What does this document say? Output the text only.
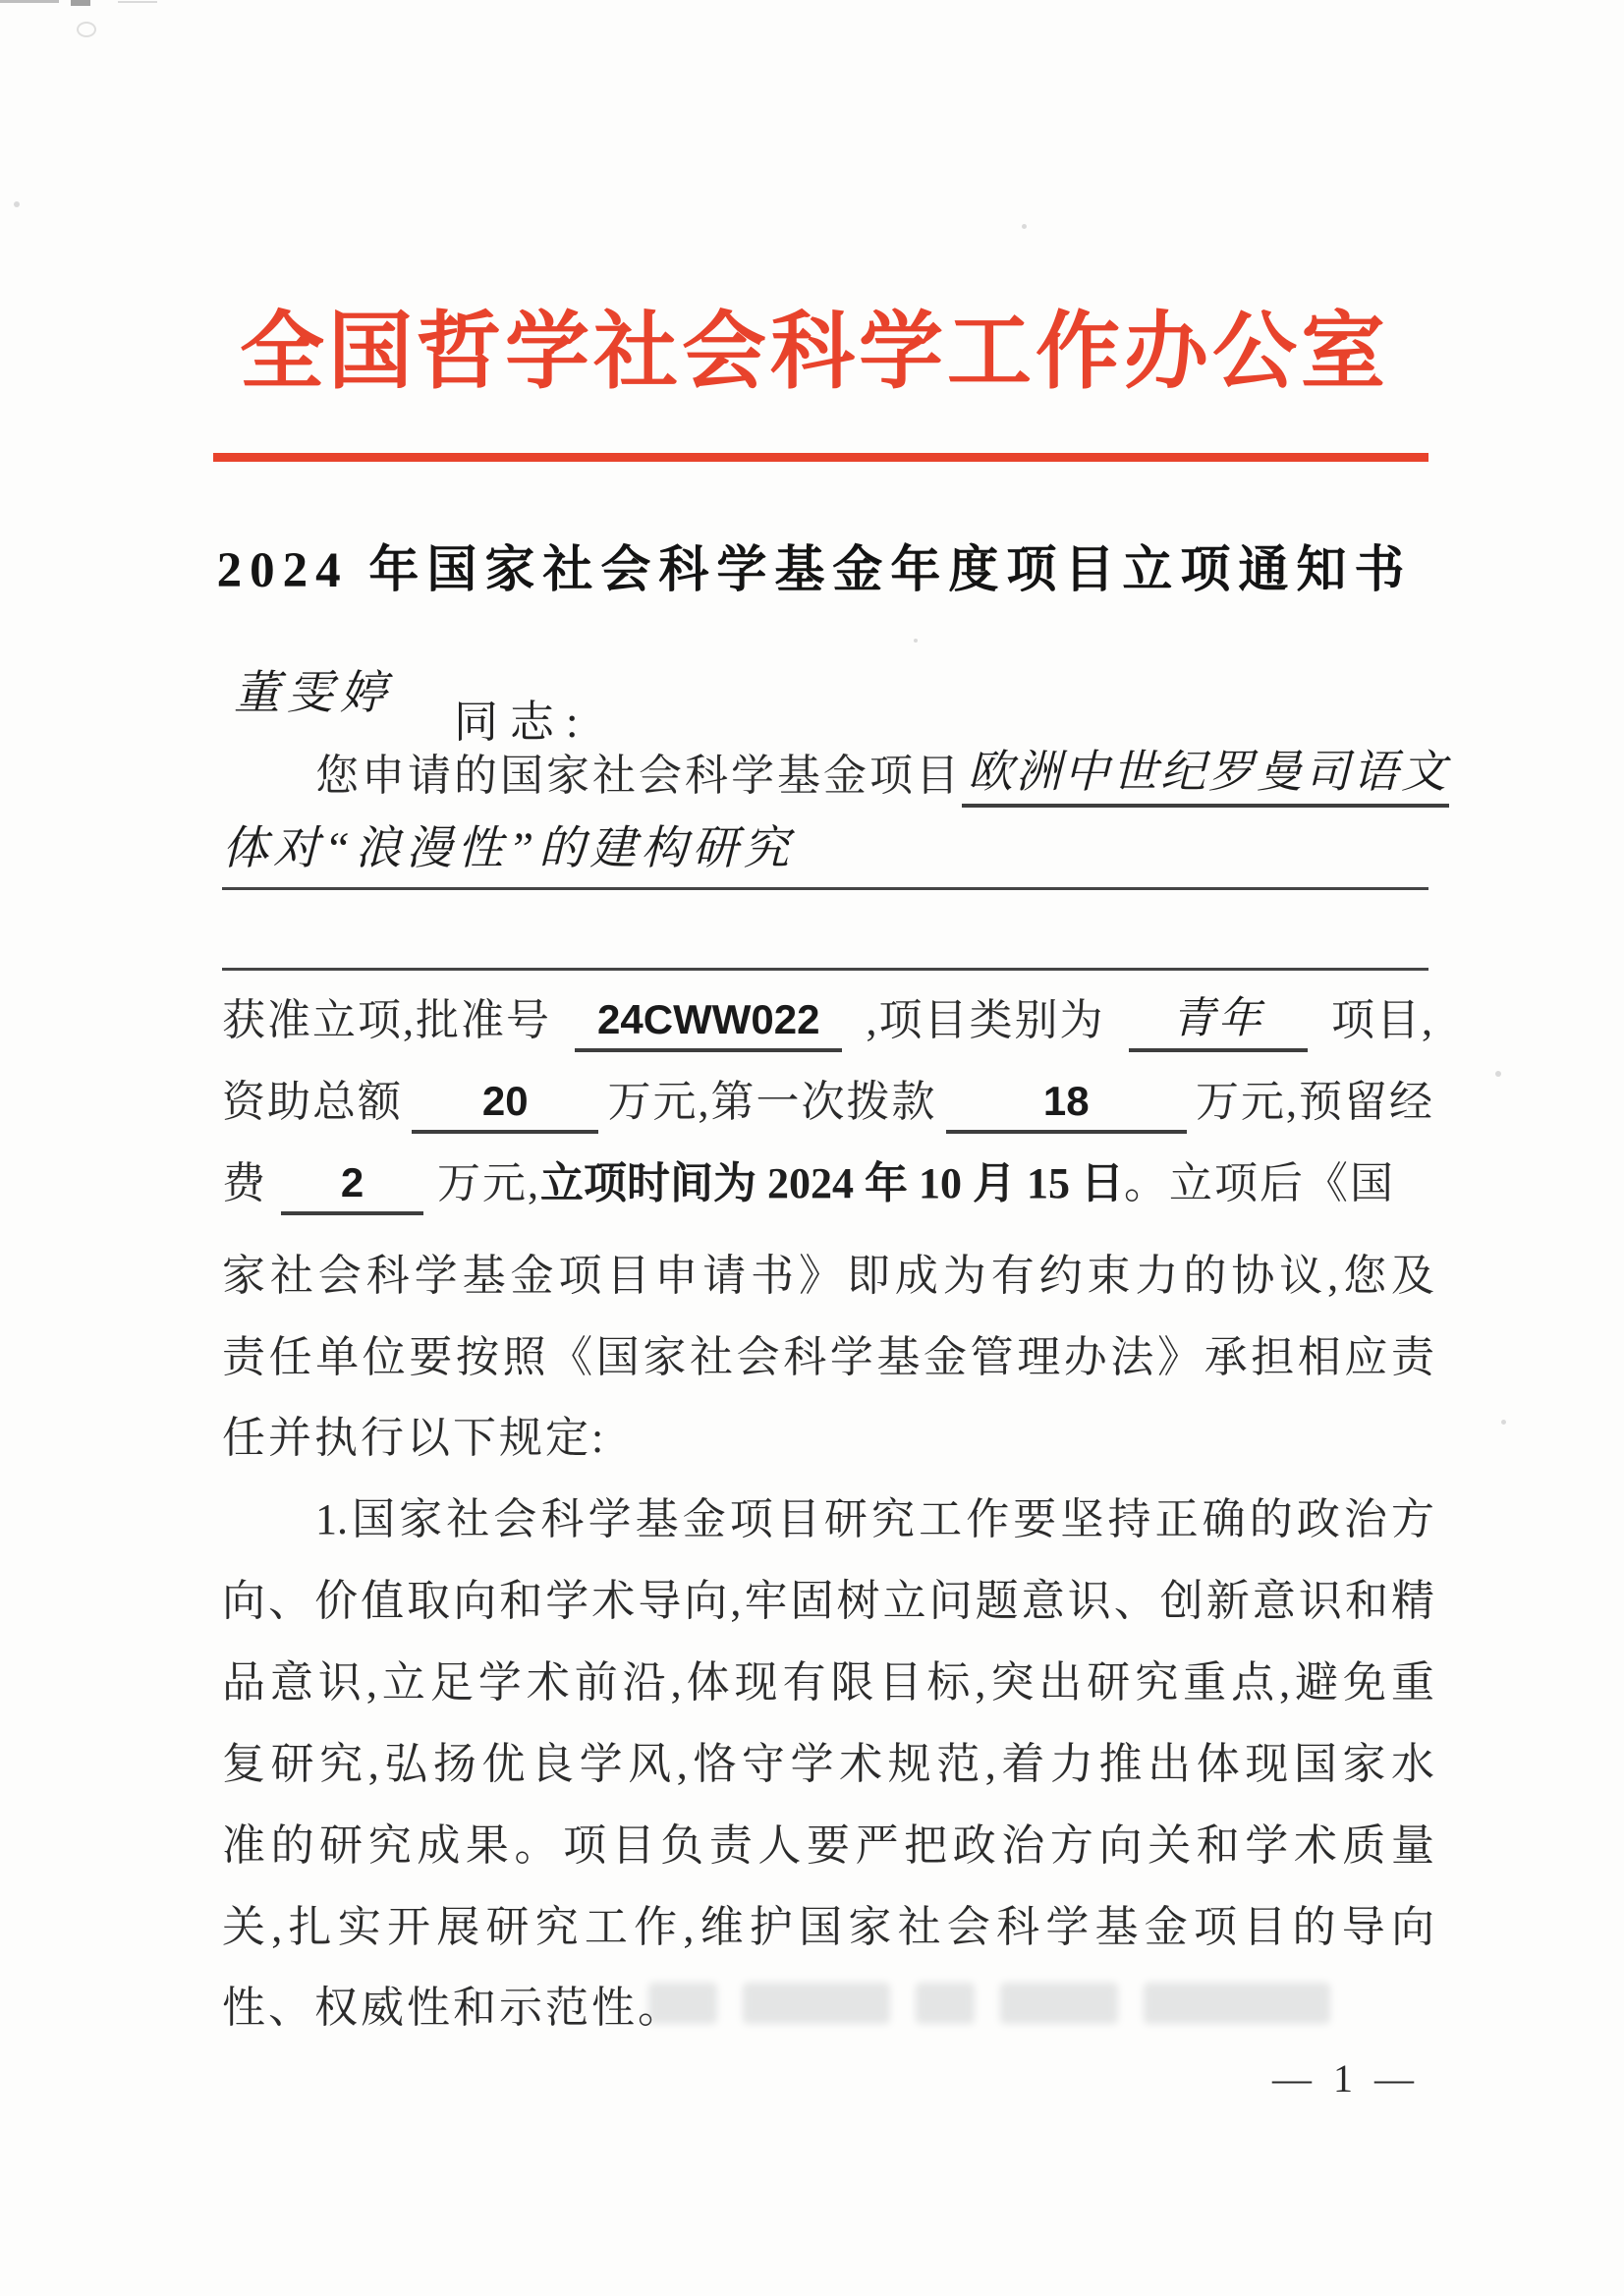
全国哲学社会科学工作办公室
2024 年国家社会科学基金年度项目立项通知书
董雯婷
同志:
您申请的国家社会科学基金项目 欧洲中世纪罗曼司语文
体对“浪漫性”的建构研究
获准立项,批准号	24CWW022	,项目类别为	青年	项目,
资助总额	20	万元,第一次拨款	18	万元,预留经
费	2	万元, 立项时间为 2024 年 10 月 15 日 。立项后《国
家社会科学基金项目申请书》即成为有约束力的协议,您及
责任单位要按照《国家社会科学基金管理办法》承担相应责
任并执行以下规定:
1.国家社会科学基金项目研究工作要坚持正确的政治方
向、价值取向和学术导向,牢固树立问题意识、创新意识和精
品意识,立足学术前沿,体现有限目标,突出研究重点,避免重
复研究,弘扬优良学风,恪守学术规范,着力推出体现国家水
准的研究成果。项目负责人要严把政治方向关和学术质量
关,扎实开展研究工作,维护国家社会科学基金项目的导向
性、权威性和示范性。
— 1 —
